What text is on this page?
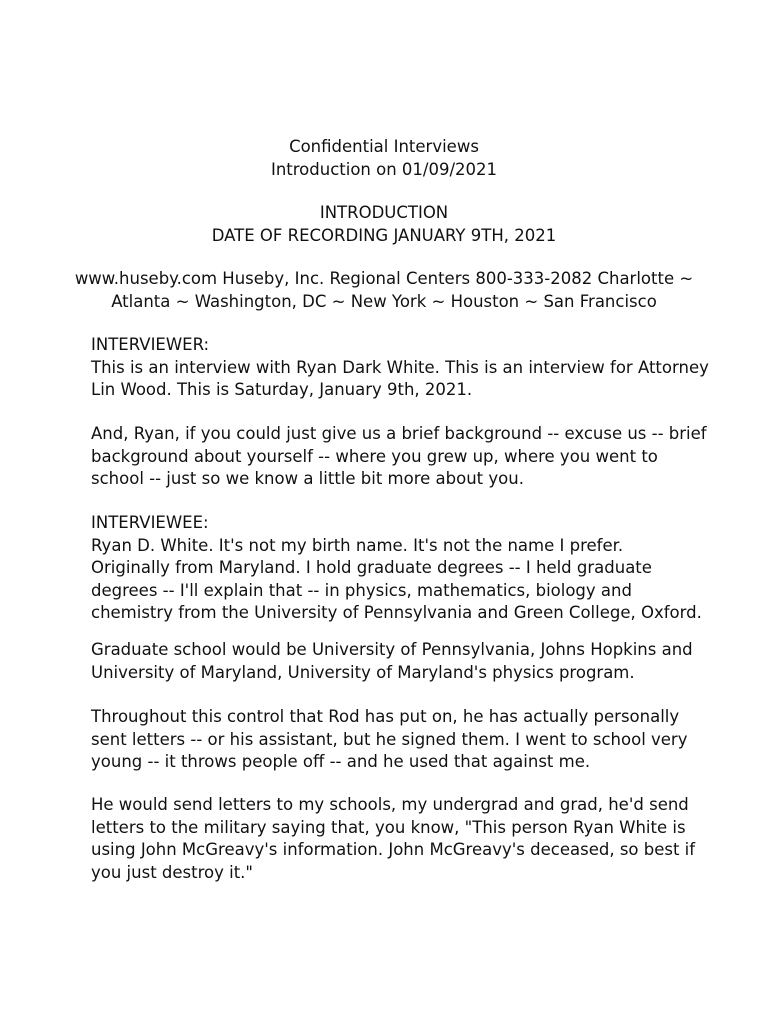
Confidential Interviews
Introduction on 01/09/2021
INTRODUCTION
DATE OF RECORDING JANUARY 9TH, 2021
www.huseby.com Huseby, Inc. Regional Centers 800-333-2082 Charlotte ~
Atlanta ~ Washington, DC ~ New York ~ Houston ~ San Francisco
INTERVIEWER:
This is an interview with Ryan Dark White. This is an interview for Attorney
Lin Wood. This is Saturday, January 9th, 2021.
And, Ryan, if you could just give us a brief background -- excuse us -- brief
background about yourself -- where you grew up, where you went to
school -- just so we know a little bit more about you.
INTERVIEWEE:
Ryan D. White. It's not my birth name. It's not the name I prefer.
Originally from Maryland. I hold graduate degrees -- I held graduate
degrees -- I'll explain that -- in physics, mathematics, biology and
chemistry from the University of Pennsylvania and Green College, Oxford.
Graduate school would be University of Pennsylvania, Johns Hopkins and
University of Maryland, University of Maryland's physics program.
Throughout this control that Rod has put on, he has actually personally
sent letters -- or his assistant, but he signed them. I went to school very
young -- it throws people off -- and he used that against me.
He would send letters to my schools, my undergrad and grad, he'd send
letters to the military saying that, you know, "This person Ryan White is
using John McGreavy's information. John McGreavy's deceased, so best if
you just destroy it."
